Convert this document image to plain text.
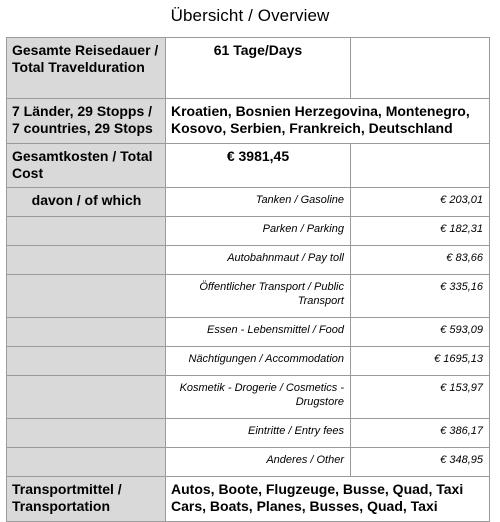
Übersicht / Overview
Gesamte Reisedauer / Total Travelduration	61 Tage/Days	
7 Länder, 29 Stopps / 7 countries, 29 Stops	Kroatien, Bosnien Herzegovina, Montenegro, Kosovo, Serbien, Frankreich, Deutschland	
Gesamtkosten / Total Cost	€ 3981,45	
davon / of which	Tanken / Gasoline	€ 203,01
	Parken / Parking	€ 182,31
	Autobahnmaut / Pay toll	€ 83,66
	Öffentlicher Transport / Public Transport	€ 335,16
	Essen - Lebensmittel / Food	€ 593,09
	Nächtigungen / Accommodation	€ 1695,13
	Kosmetik - Drogerie / Cosmetics - Drugstore	€ 153,97
	Eintritte / Entry fees	€ 386,17
	Anderes / Other	€ 348,95
Transportmittel / Transportation	Autos, Boote, Flugzeuge, Busse, Quad, Taxi Cars, Boats, Planes, Busses, Quad, Taxi	
